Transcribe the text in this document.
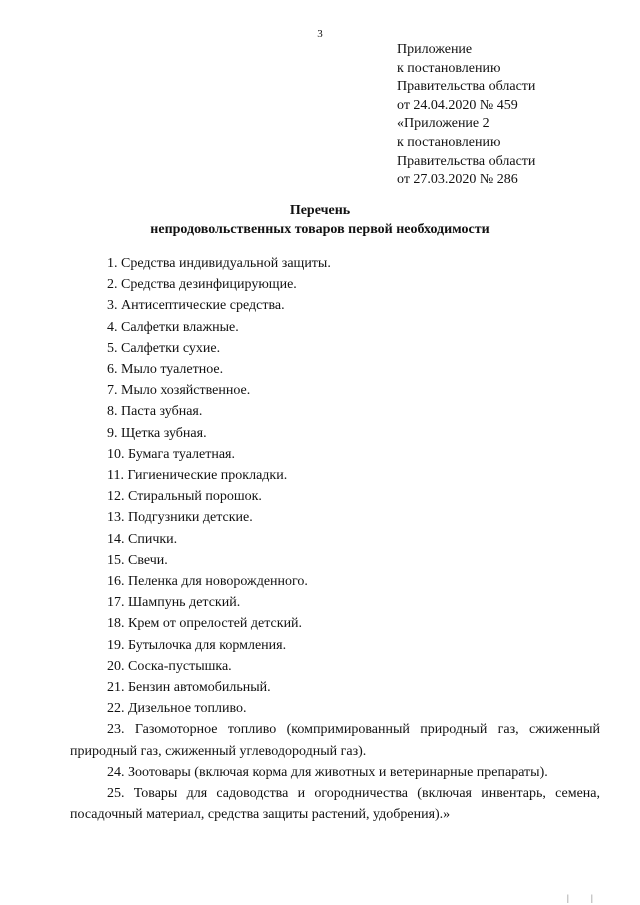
3
Приложение
к постановлению
Правительства области
от 24.04.2020 № 459
«Приложение 2
к постановлению
Правительства области
от 27.03.2020 № 286
Перечень
непродовольственных товаров первой необходимости
1. Средства индивидуальной защиты.
2. Средства дезинфицирующие.
3. Антисептические средства.
4. Салфетки влажные.
5. Салфетки сухие.
6. Мыло туалетное.
7. Мыло хозяйственное.
8. Паста зубная.
9. Щетка зубная.
10. Бумага туалетная.
11. Гигиенические прокладки.
12. Стиральный порошок.
13. Подгузники детские.
14. Спички.
15. Свечи.
16. Пеленка для новорожденного.
17. Шампунь детский.
18. Крем от опрелостей детский.
19. Бутылочка для кормления.
20. Соска-пустышка.
21. Бензин автомобильный.
22. Дизельное топливо.
23. Газомоторное топливо (компримированный природный газ, сжиженный природный газ, сжиженный углеводородный газ).
24. Зоотовары (включая корма для животных и ветеринарные препараты).
25. Товары для садоводства и огородничества (включая инвентарь, семена, посадочный материал, средства защиты растений, удобрения).»
| |
